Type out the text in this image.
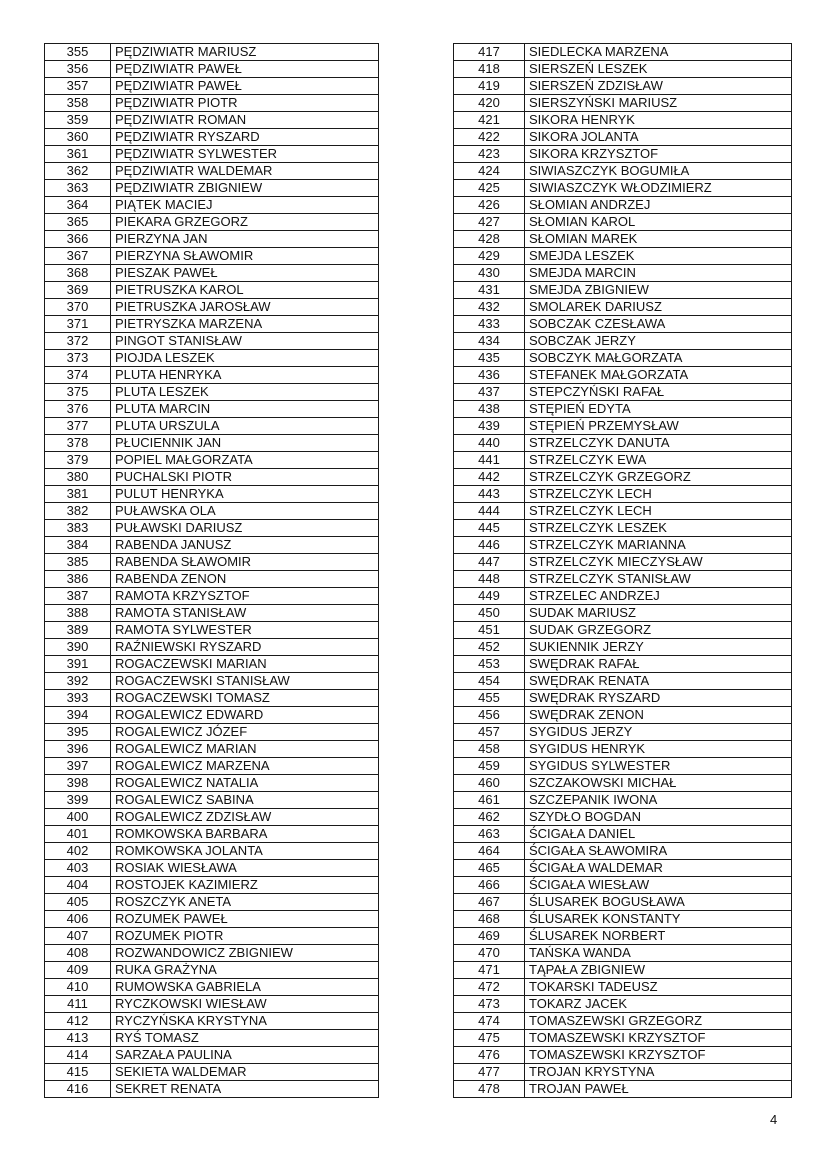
355	PĘDZIWIATR MARIUSZ
356	PĘDZIWIATR PAWEŁ
357	PĘDZIWIATR PAWEŁ
358	PĘDZIWIATR PIOTR
359	PĘDZIWIATR ROMAN
360	PĘDZIWIATR RYSZARD
361	PĘDZIWIATR SYLWESTER
362	PĘDZIWIATR WALDEMAR
363	PĘDZIWIATR ZBIGNIEW
364	PIĄTEK MACIEJ
365	PIEKARA GRZEGORZ
366	PIERZYNA JAN
367	PIERZYNA SŁAWOMIR
368	PIESZAK PAWEŁ
369	PIETRUSZKA KAROL
370	PIETRUSZKA JAROSŁAW
371	PIETRYSZKA MARZENA
372	PINGOT STANISŁAW
373	PIOJDA LESZEK
374	PLUTA HENRYKA
375	PLUTA LESZEK
376	PLUTA MARCIN
377	PLUTA URSZULA
378	PŁUCIENNIK JAN
379	POPIEL MAŁGORZATA
380	PUCHALSKI PIOTR
381	PULUT HENRYKA
382	PUŁAWSKA OLA
383	PUŁAWSKI DARIUSZ
384	RABENDA JANUSZ
385	RABENDA SŁAWOMIR
386	RABENDA ZENON
387	RAMOTA KRZYSZTOF
388	RAMOTA STANISŁAW
389	RAMOTA SYLWESTER
390	RAŹNIEWSKI RYSZARD
391	ROGACZEWSKI MARIAN
392	ROGACZEWSKI STANISŁAW
393	ROGACZEWSKI TOMASZ
394	ROGALEWICZ EDWARD
395	ROGALEWICZ JÓZEF
396	ROGALEWICZ MARIAN
397	ROGALEWICZ MARZENA
398	ROGALEWICZ NATALIA
399	ROGALEWICZ SABINA
400	ROGALEWICZ ZDZISŁAW
401	ROMKOWSKA BARBARA
402	ROMKOWSKA JOLANTA
403	ROSIAK WIESŁAWA
404	ROSTOJEK KAZIMIERZ
405	ROSZCZYK ANETA
406	ROZUMEK PAWEŁ
407	ROZUMEK PIOTR
408	ROZWANDOWICZ ZBIGNIEW
409	RUKA GRAŻYNA
410	RUMOWSKA GABRIELA
411	RYCZKOWSKI WIESŁAW
412	RYCZYŃSKA KRYSTYNA
413	RYŚ TOMASZ
414	SARZAŁA PAULINA
415	SEKIETA WALDEMAR
416	SEKRET RENATA
417	SIEDLECKA MARZENA
418	SIERSZEŃ LESZEK
419	SIERSZEŃ ZDZISŁAW
420	SIERSZYŃSKI MARIUSZ
421	SIKORA HENRYK
422	SIKORA JOLANTA
423	SIKORA KRZYSZTOF
424	SIWIASZCZYK BOGUMIŁA
425	SIWIASZCZYK WŁODZIMIERZ
426	SŁOMIAN ANDRZEJ
427	SŁOMIAN KAROL
428	SŁOMIAN MAREK
429	SMEJDA LESZEK
430	SMEJDA MARCIN
431	SMEJDA ZBIGNIEW
432	SMOLAREK DARIUSZ
433	SOBCZAK CZESŁAWA
434	SOBCZAK JERZY
435	SOBCZYK MAŁGORZATA
436	STEFANEK MAŁGORZATA
437	STEPCZYŃSKI RAFAŁ
438	STĘPIEŃ EDYTA
439	STĘPIEŃ PRZEMYSŁAW
440	STRZELCZYK DANUTA
441	STRZELCZYK EWA
442	STRZELCZYK GRZEGORZ
443	STRZELCZYK LECH
444	STRZELCZYK LECH
445	STRZELCZYK LESZEK
446	STRZELCZYK MARIANNA
447	STRZELCZYK MIECZYSŁAW
448	STRZELCZYK STANISŁAW
449	STRZELEC ANDRZEJ
450	SUDAK MARIUSZ
451	SUDAK GRZEGORZ
452	SUKIENNIK JERZY
453	SWĘDRAK RAFAŁ
454	SWĘDRAK RENATA
455	SWĘDRAK RYSZARD
456	SWĘDRAK ZENON
457	SYGIDUS JERZY
458	SYGIDUS HENRYK
459	SYGIDUS SYLWESTER
460	SZCZAKOWSKI MICHAŁ
461	SZCZEPANIK IWONA
462	SZYDŁO BOGDAN
463	ŚCIGAŁA DANIEL
464	ŚCIGAŁA SŁAWOMIRA
465	ŚCIGAŁA WALDEMAR
466	ŚCIGAŁA WIESŁAW
467	ŚLUSAREK BOGUSŁAWA
468	ŚLUSAREK KONSTANTY
469	ŚLUSAREK NORBERT
470	TAŃSKA WANDA
471	TĄPAŁA ZBIGNIEW
472	TOKARSKI TADEUSZ
473	TOKARZ JACEK
474	TOMASZEWSKI GRZEGORZ
475	TOMASZEWSKI KRZYSZTOF
476	TOMASZEWSKI KRZYSZTOF
477	TROJAN KRYSTYNA
478	TROJAN PAWEŁ
4
